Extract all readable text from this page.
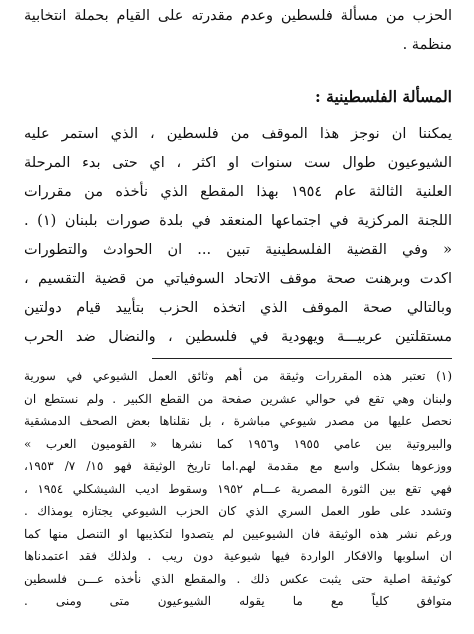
الحزب من مسألة فلسطين وعدم مقدرته على القيام بحملة انتخابية
منظمة .
المسألة الفلسطينية :
يمكننا ان نوجز هذا الموقف من فلسطين ، الذي استمر عليه
الشيوعيون طوال ست سنوات او اكثر ، اي حتى بدء المرحلة
العلنية الثالثة عام ١٩٥٤ بهذا المقطع الذي نأخذه من مقررات
اللجنة المركزية في اجتماعها المنعقد في بلدة صورات بلبنان (١) .
« وفي القضية الفلسطينية تبين ... ان الحوادث والتطورات
اكدت وبرهنت صحة موقف الاتحاد السوفياتي من قضية التقسيم ،
وبالتالي صحة الموقف الذي اتخذه الحزب بتأييد قيام دولتين
مستقلتين عربيـــة ويهودية في فلسطين ، والنضال ضد الحرب
(١) تعتبر هذه المقررات وثيقة من أهم وثائق العمل الشيوعي في سورية
ولبنان وهي تقع في حوالي عشرين صفحة من القطع الكبير . ولم نستطع ان
نحصل عليها من مصدر شيوعي مباشرة ، بل نقلناها بعض الصحف الدمشقية
والبيروتية بين عامي ١٩٥٥ و١٩٥٦ كما نشرها « القوميون العرب »
ووزعوها بشكل واسع مع مقدمة لهم.اما تاريخ الوثيقة فهو ١٥/ ٧/ ١٩٥٣،
فهي تقع بين الثورة المصرية عـــام ١٩٥٢ وسقوط اديب الشيشكلي ١٩٥٤ ،
وتشدد على طور العمل السري الذي كان الحزب الشيوعي يجتازه يومذاك .
ورغم نشر هذه الوثيقة فان الشيوعيين لم يتصدوا لتكذيبها او التنصل منها كما
ان اسلوبها والافكار الواردة فيها شيوعية دون ريب . ولذلك فقد اعتمدناها
كوثيقة اصلية حتى يثبت عكس ذلك . والمقطع الذي نأخذه عـــن فلسطين
متوافق كلياً مع ما يقوله الشيوعيون متى ومنى .
